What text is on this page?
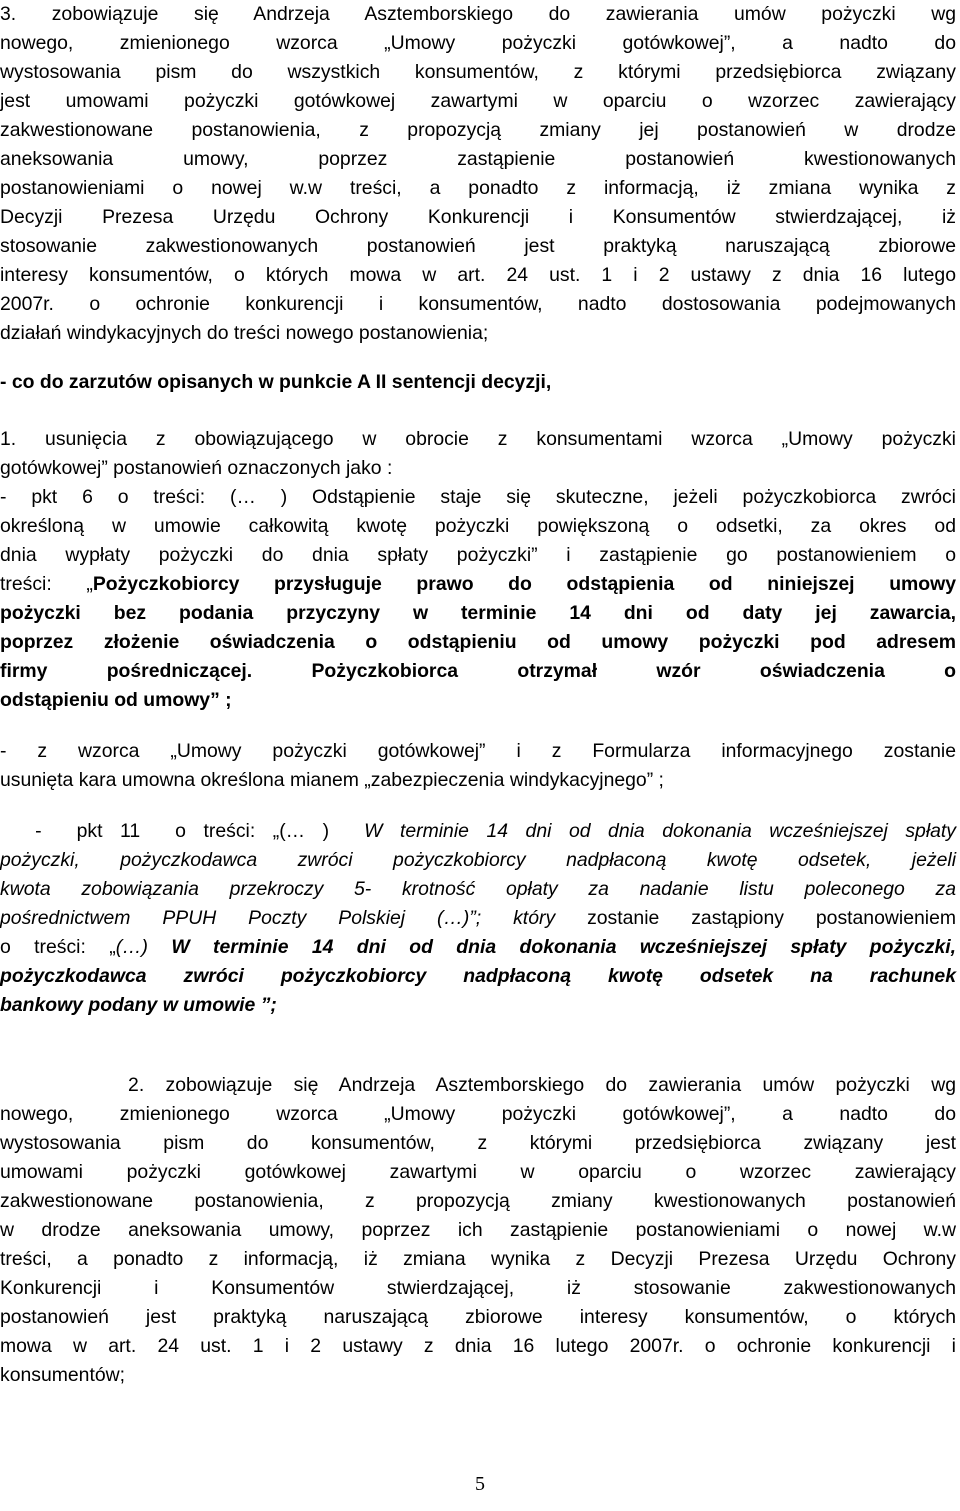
3. zobowiązuje się Andrzeja Asztemborskiego do zawierania umów pożyczki wg
nowego, zmienionego wzorca „Umowy pożyczki gotówkowej”, a nadto do
wystosowania pism do wszystkich konsumentów, z którymi przedsiębiorca związany
jest umowami pożyczki gotówkowej zawartymi w oparciu o wzorzec zawierający
zakwestionowane postanowienia, z propozycją zmiany jej postanowień w drodze
aneksowania umowy, poprzez zastąpienie postanowień kwestionowanych
postanowieniami o nowej w.w treści, a ponadto z informacją, iż zmiana wynika z
Decyzji Prezesa Urzędu Ochrony Konkurencji i Konsumentów stwierdzającej, iż
stosowanie zakwestionowanych postanowień jest praktyką naruszającą zbiorowe
interesy konsumentów, o których mowa w art. 24 ust. 1 i 2 ustawy z dnia 16 lutego
2007r. o ochronie konkurencji i konsumentów, nadto dostosowania podejmowanych
działań windykacyjnych do treści nowego postanowienia;
- co do zarzutów opisanych w punkcie A II sentencji decyzji,
1. usunięcia z obowiązującego w obrocie z konsumentami wzorca „Umowy pożyczki
gotówkowej” postanowień oznaczonych jako :
- pkt 6 o treści: (… ) Odstąpienie staje się skuteczne, jeżeli pożyczkobiorca zwróci
określoną w umowie całkowitą kwotę pożyczki powiększoną o odsetki, za okres od
dnia wypłaty pożyczki do dnia spłaty pożyczki” i zastąpienie go postanowieniem o
treści: „Pożyczkobiorcy przysługuje prawo do odstąpienia od niniejszej umowy
pożyczki bez podania przyczyny w terminie 14 dni od daty jej zawarcia,
poprzez złożenie oświadczenia o odstąpieniu od umowy pożyczki pod adresem
firmy pośredniczącej. Pożyczkobiorca otrzymał wzór oświadczenia o
odstąpieniu od umowy” ;
- z wzorca „Umowy pożyczki gotówkowej” i z Formularza informacyjnego zostanie
usunięta kara umowna określona mianem „zabezpieczenia windykacyjnego” ;
-  pkt 11  o treści: „(… )  W terminie 14 dni od dnia dokonania wcześniejszej spłaty
pożyczki, pożyczkodawca zwróci pożyczkobiorcy nadpłaconą kwotę odsetek, jeżeli
kwota zobowiązania przekroczy 5- krotność opłaty za nadanie listu poleconego za
pośrednictwem PPUH Poczty Polskiej (…)”; który zostanie zastąpiony postanowieniem
o treści: „(…) W terminie 14 dni od dnia dokonania wcześniejszej spłaty pożyczki,
pożyczkodawca zwróci pożyczkobiorcy nadpłaconą kwotę odsetek na rachunek
bankowy podany w umowie ”;
2. zobowiązuje się Andrzeja Asztemborskiego do zawierania umów pożyczki wg
nowego, zmienionego wzorca „Umowy pożyczki gotówkowej”, a nadto do
wystosowania pism do konsumentów, z którymi przedsiębiorca związany jest
umowami pożyczki gotówkowej zawartymi w oparciu o wzorzec zawierający
zakwestionowane postanowienia, z propozycją zmiany kwestionowanych postanowień
w drodze aneksowania umowy, poprzez ich zastąpienie postanowieniami o nowej w.w
treści, a ponadto z informacją, iż zmiana wynika z Decyzji Prezesa Urzędu Ochrony
Konkurencji i Konsumentów stwierdzającej, iż stosowanie zakwestionowanych
postanowień jest praktyką naruszającą zbiorowe interesy konsumentów, o których
mowa w art. 24 ust. 1 i 2 ustawy z dnia 16 lutego 2007r. o ochronie konkurencji i
konsumentów;
5
